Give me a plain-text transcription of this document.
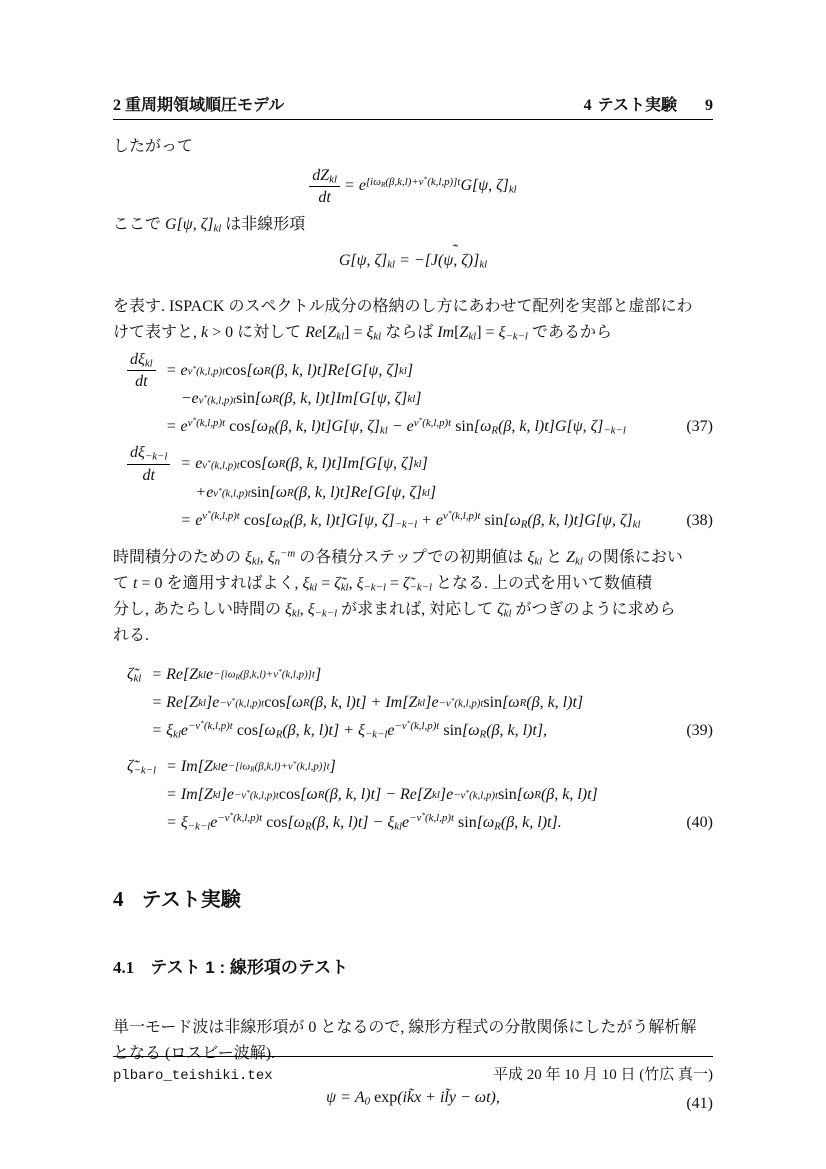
2 重周期領域順圧モデル	4 テスト実験 9

したがって

$\frac{dZ_{kl}}{dt} = e^{[i\omega_R(\beta,k,l)+\nu^*(k,l,p)]t}G[\psi$, $\zeta]_{kl}$

ここで G[ψ, $\zeta]_{kl}$ は非線形項

G[ψ, $\zeta]_{kl} = -[J(\psi$, ζ $˜)]_{kl}$

を表す. ISPACK のスペクトル成分の格納のし方にあわせて配列を実部と虚部にわ
けて表すと, k > 0 に対して $Re[Z_{kl}] = \xi_{kl}$ ならば $Im[Z_{kl}] = \xi_{-k-l}$ であるから

$\frac{d\xi_{kl}}{dt} = e$ ν*(k,l,p)t cos [ω R (β, k, l)t]Re[G[ψ, ζ] kl ]
−e ν*(k,l,p)t sin [ω R (β, k, l)t]Im[G[ψ, ζ] kl ]
= $e^{\nu^*(k,l,p)t}$ $\cos[\omega_R(\beta$, k, l)t]G[ψ, $\zeta]_{kl} - e^{\nu^*(k,l,p)t}$ $\sin[\omega_R(\beta$, k, l)t]G[ψ, $\zeta]_{-k-l}$	(37)
$\frac{d\xi_{-k-l}}{dt} = e$ ν*(k,l,p)t cos [ω R (β, k, l)t]Im[G[ψ, ζ] kl ]
+e ν*(k,l,p)t sin [ω R (β, k, l)t]Re[G[ψ, ζ] kl ]
= $e^{\nu^*(k,l,p)t}$ $\cos[\omega_R(\beta$, k, l)t]G[ψ, $\zeta]_{-k-l} + e^{\nu^*(k,l,p)t}$ $\sin[\omega_R(\beta$, k, l)t]G[ψ, $\zeta]_{kl}$	(38)

時間積分のための $\xi_{kl}$, $\xi_n^{-m}$ の各積分ステップでの初期値は $\xi_{kl}$ と $Z_{kl}$ の関係におい
て t = 0 を適用すればよく, $\xi_{kl}$ = $\zetã_{kl}$, $\xi_{-k-l}$ = $\zetã_{-k-l}$ となる. 上の式を用いて数値積
分し, あたらしい時間の $\xi_{kl}$, $\xi_{-k-l}$ が求まれば, 対応して $\zetã_{kl}$ がつぎのように求めら
れる.

$\zetã_{kl} = Re[Z$ kl $e -[i\omega_R(\beta,k,l)+\nu^*(k,l,p)]t$ ]
= Re[Z kl ]e −ν*(k,l,p)t cos [ω R (β, k, l)t] + Im[Z kl ]e −ν*(k,l,p)t sin [ω R (β, k, l)t]
= $\xi_{kl}e^{-\nu^*(k,l,p)t}$ $\cos[\omega_R(\beta$, k, $l)t] + \xi_{-k-l}e^{-\nu^*(k,l,p)t}$ $\sin[\omega_R(\beta$, k, l)t],	(39)
$\zetã_{-k-l} = Im[Z$ kl $e -[i\omega_R(\beta,k,l)+\nu^*(k,l,p)]t$ ]
= Im[Z kl ]e −ν*(k,l,p)t cos [ω R (β, k, l)t] − Re[Z kl ]e −ν*(k,l,p)t sin [ω R (β, k, l)t]
= $\xi_{-k-l}e^{-\nu^*(k,l,p)t}$ $\cos[\omega_R(\beta$, k, $l)t] - \xi_{kl}e^{-\nu^*(k,l,p)t}$ $\sin[\omega_R(\beta$, k, l)t].	(40)
4 テスト実験
4.1 テスト 1 : 線形項のテスト

単一モード波は非線形項が 0 となるので, 線形方程式の分散関係にしたがう解析解
となる (ロスビー波解).

$\psi = A_0$ exp(ik̃x + il̃y − ωt),	(41)
plbaro_teishiki.tex	平成 20 年 10 月 10 日 (竹広 真一)
